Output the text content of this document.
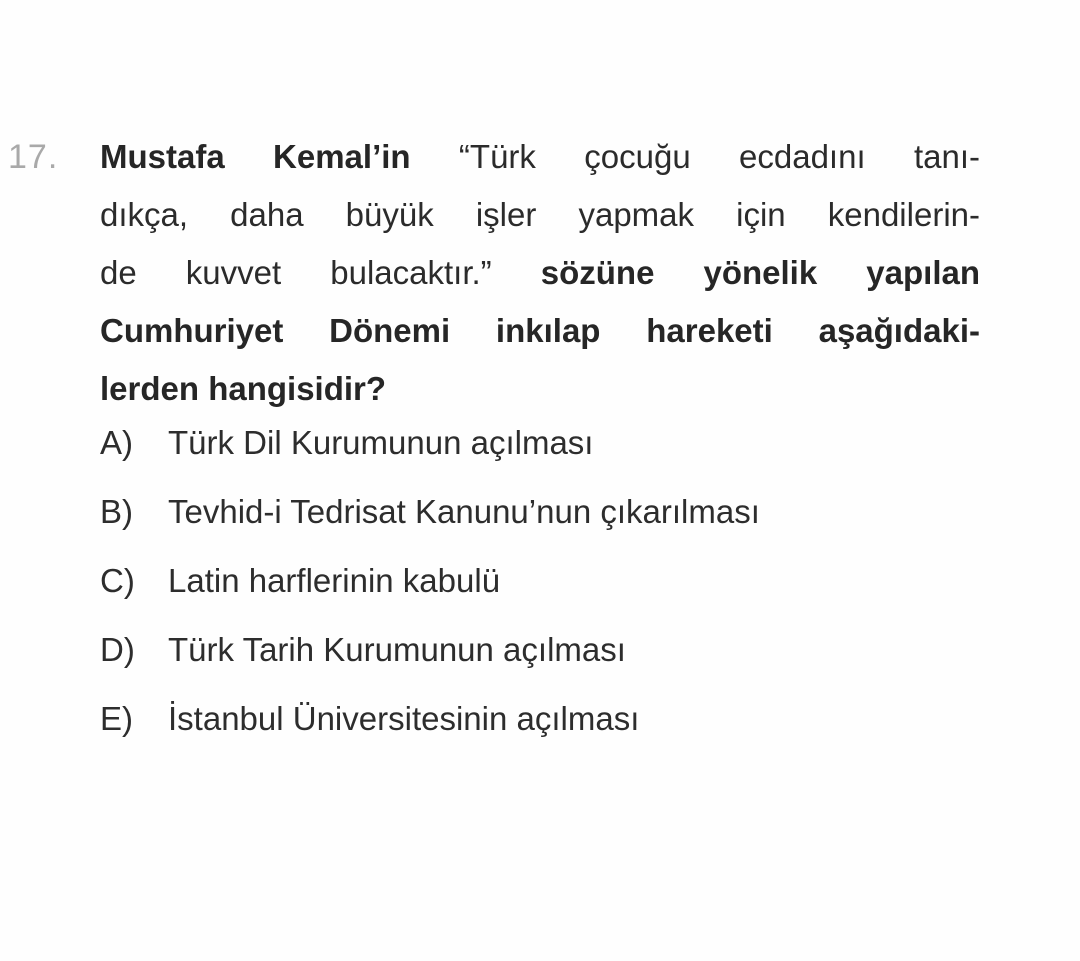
17. Mustafa Kemal’in “Türk çocuğu ecdadını tanı-
dıkça, daha büyük işler yapmak için kendilerin-
de kuvvet bulacaktır.” sözüne yönelik yapılan
Cumhuriyet Dönemi inkılap hareketi aşağıdaki-
lerden hangisidir?
A)	Türk Dil Kurumunun açılması
B)	Tevhid-i Tedrisat Kanunu’nun çıkarılması
C)	Latin harflerinin kabulü
D)	Türk Tarih Kurumunun açılması
E)	İstanbul Üniversitesinin açılması
